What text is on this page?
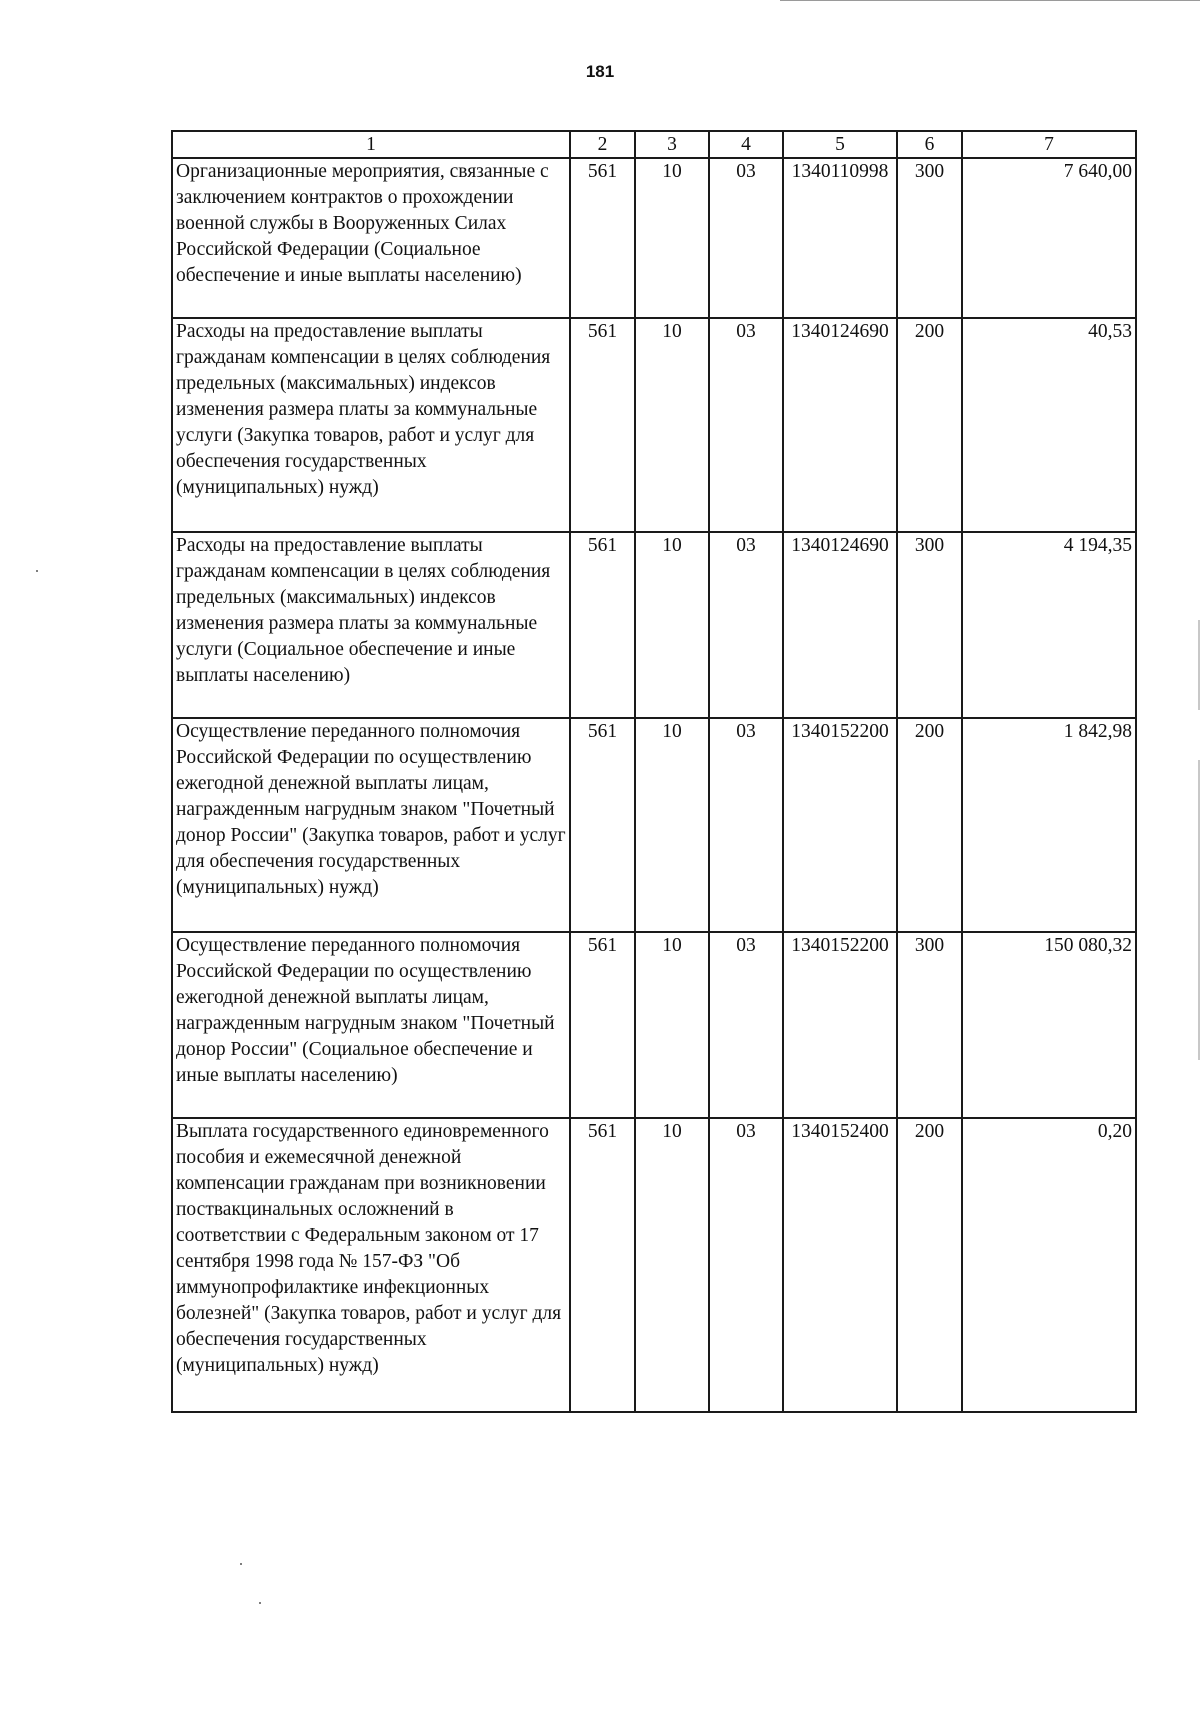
181
1	2	3	4	5	6	7
Организационные мероприятия, связанные с заключением контрактов о прохождении военной службы в Вооруженных Силах Российской Федерации (Социальное обеспечение и иные выплаты населению)	561	10	03	1340110998	300	7 640,00
Расходы на предоставление выплаты гражданам компенсации в целях соблюдения предельных (максимальных) индексов изменения размера платы за коммунальные услуги (Закупка товаров, работ и услуг для обеспечения государственных (муниципальных) нужд)	561	10	03	1340124690	200	40,53
Расходы на предоставление выплаты гражданам компенсации в целях соблюдения предельных (максимальных) индексов изменения размера платы за коммунальные услуги (Социальное обеспечение и иные выплаты населению)	561	10	03	1340124690	300	4 194,35
Осуществление переданного полномочия Российской Федерации по осуществлению ежегодной денежной выплаты лицам, награжденным нагрудным знаком "Почетный донор России" (Закупка товаров, работ и услуг для обеспечения государственных (муниципальных) нужд)	561	10	03	1340152200	200	1 842,98
Осуществление переданного полномочия Российской Федерации по осуществлению ежегодной денежной выплаты лицам, награжденным нагрудным знаком "Почетный донор России" (Социальное обеспечение и иные выплаты населению)	561	10	03	1340152200	300	150 080,32
Выплата государственного единовременного пособия и ежемесячной денежной компенсации гражданам при возникновении поствакцинальных осложнений в соответствии с Федеральным законом от 17 сентября 1998 года № 157-ФЗ "Об иммунопрофилактике инфекционных болезней" (Закупка товаров, работ и услуг для обеспечения государственных (муниципальных) нужд)	561	10	03	1340152400	200	0,20
